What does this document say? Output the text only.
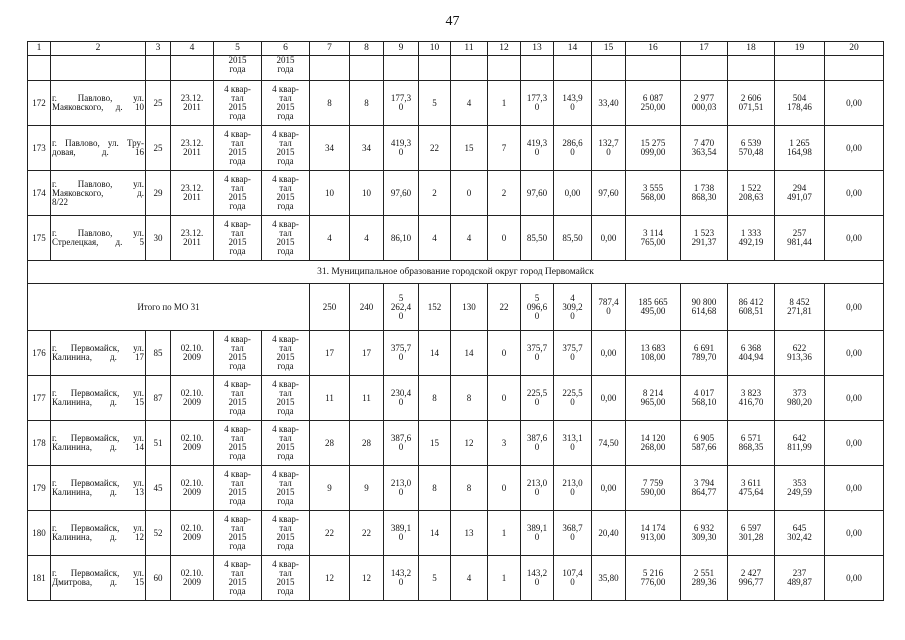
47
1	2	3	4	5	6	7	8	9	10	11	12	13	14	15	16	17	18	19	20

				2015
года	2015
года														

172	г. Павлово, ул.
Маяковского, д. 10	25	23.12.
2011	4 квар-
тал
2015
года	4 квар-
тал
2015
года	8	8	177,3
0	5	4	1	177,3
0	143,9
0	33,40	6 087
250,00	2 977
000,03	2 606
071,51	504
178,46	0,00

173	г. Павлово, ул. Тру-
довая, д. 16	25	23.12.
2011	4 квар-
тал
2015
года	4 квар-
тал
2015
года	34	34	419,3
0	22	15	7	419,3
0	286,6
0	132,7
0	15 275
099,00	7 470
363,54	6 539
570,48	1 265
164,98	0,00

174	г. Павлово, ул.
Маяковского, д.
8/22	29	23.12.
2011	4 квар-
тал
2015
года	4 квар-
тал
2015
года	10	10	97,60	2	0	2	97,60	0,00	97,60	3 555
568,00	1 738
868,30	1 522
208,63	294
491,07	0,00

175	г. Павлово, ул.
Стрелецкая, д. 5	30	23.12.
2011	4 квар-
тал
2015
года	4 квар-
тал
2015
года	4	4	86,10	4	4	0	85,50	85,50	0,00	3 114
765,00	1 523
291,37	1 333
492,19	257
981,44	0,00

31. Муниципальное образование городской округ город Первомайск																			

Итого по МО 31						250	240	5
262,4
0	152	130	22	5
096,6
0	4
309,2
0	787,4
0	185 665
495,00	90 800
614,68	86 412
608,51	8 452
271,81	0,00

176	г. Первомайск, ул.
Калинина, д. 17	85	02.10.
2009	4 квар-
тал
2015
года	4 квар-
тал
2015
года	17	17	375,7
0	14	14	0	375,7
0	375,7
0	0,00	13 683
108,00	6 691
789,70	6 368
404,94	622
913,36	0,00

177	г. Первомайск, ул.
Калинина, д. 15	87	02.10.
2009	4 квар-
тал
2015
года	4 квар-
тал
2015
года	11	11	230,4
0	8	8	0	225,5
0	225,5
0	0,00	8 214
965,00	4 017
568,10	3 823
416,70	373
980,20	0,00

178	г. Первомайск, ул.
Калинина, д. 14	51	02.10.
2009	4 квар-
тал
2015
года	4 квар-
тал
2015
года	28	28	387,6
0	15	12	3	387,6
0	313,1
0	74,50	14 120
268,00	6 905
587,66	6 571
868,35	642
811,99	0,00

179	г. Первомайск, ул.
Калинина, д. 13	45	02.10.
2009	4 квар-
тал
2015
года	4 квар-
тал
2015
года	9	9	213,0
0	8	8	0	213,0
0	213,0
0	0,00	7 759
590,00	3 794
864,77	3 611
475,64	353
249,59	0,00

180	г. Первомайск, ул.
Калинина, д. 12	52	02.10.
2009	4 квар-
тал
2015
года	4 квар-
тал
2015
года	22	22	389,1
0	14	13	1	389,1
0	368,7
0	20,40	14 174
913,00	6 932
309,30	6 597
301,28	645
302,42	0,00

181	г. Первомайск, ул.
Дмитрова, д. 15	60	02.10.
2009	4 квар-
тал
2015
года	4 квар-
тал
2015
года	12	12	143,2
0	5	4	1	143,2
0	107,4
0	35,80	5 216
776,00	2 551
289,36	2 427
996,77	237
489,87	0,00
